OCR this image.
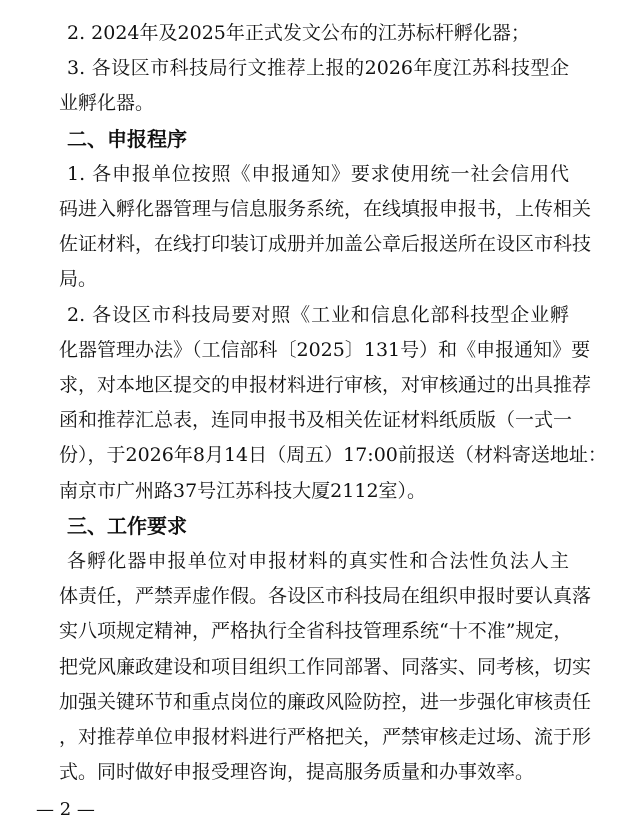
2. 2024年及2025年正式发文公布的江苏标杆孵化器；
3. 各设区市科技局行文推荐上报的2026年度江苏科技型企
业孵化器。
二、申报程序
1. 各申报单位按照《申报通知》要求使用统一社会信用代
码进入孵化器管理与信息服务系统，在线填报申报书，上传相关
佐证材料，在线打印装订成册并加盖公章后报送所在设区市科技
局。
2. 各设区市科技局要对照《工业和信息化部科技型企业孵
化器管理办法》（工信部科〔2025〕131号）和《申报通知》要
求，对本地区提交的申报材料进行审核，对审核通过的出具推荐
函和推荐汇总表，连同申报书及相关佐证材料纸质版（一式一
份），于2026年8月14日（周五）17:00前报送（材料寄送地址：
南京市广州路37号江苏科技大厦2112室）。
三、工作要求
各孵化器申报单位对申报材料的真实性和合法性负法人主
体责任，严禁弄虚作假。各设区市科技局在组织申报时要认真落
实八项规定精神，严格执行全省科技管理系统“十不准”规定，
把党风廉政建设和项目组织工作同部署、同落实、同考核，切实
加强关键环节和重点岗位的廉政风险防控，进一步强化审核责任
，对推荐单位申报材料进行严格把关，严禁审核走过场、流于形
式。同时做好申报受理咨询，提高服务质量和办事效率。
— 2 —
